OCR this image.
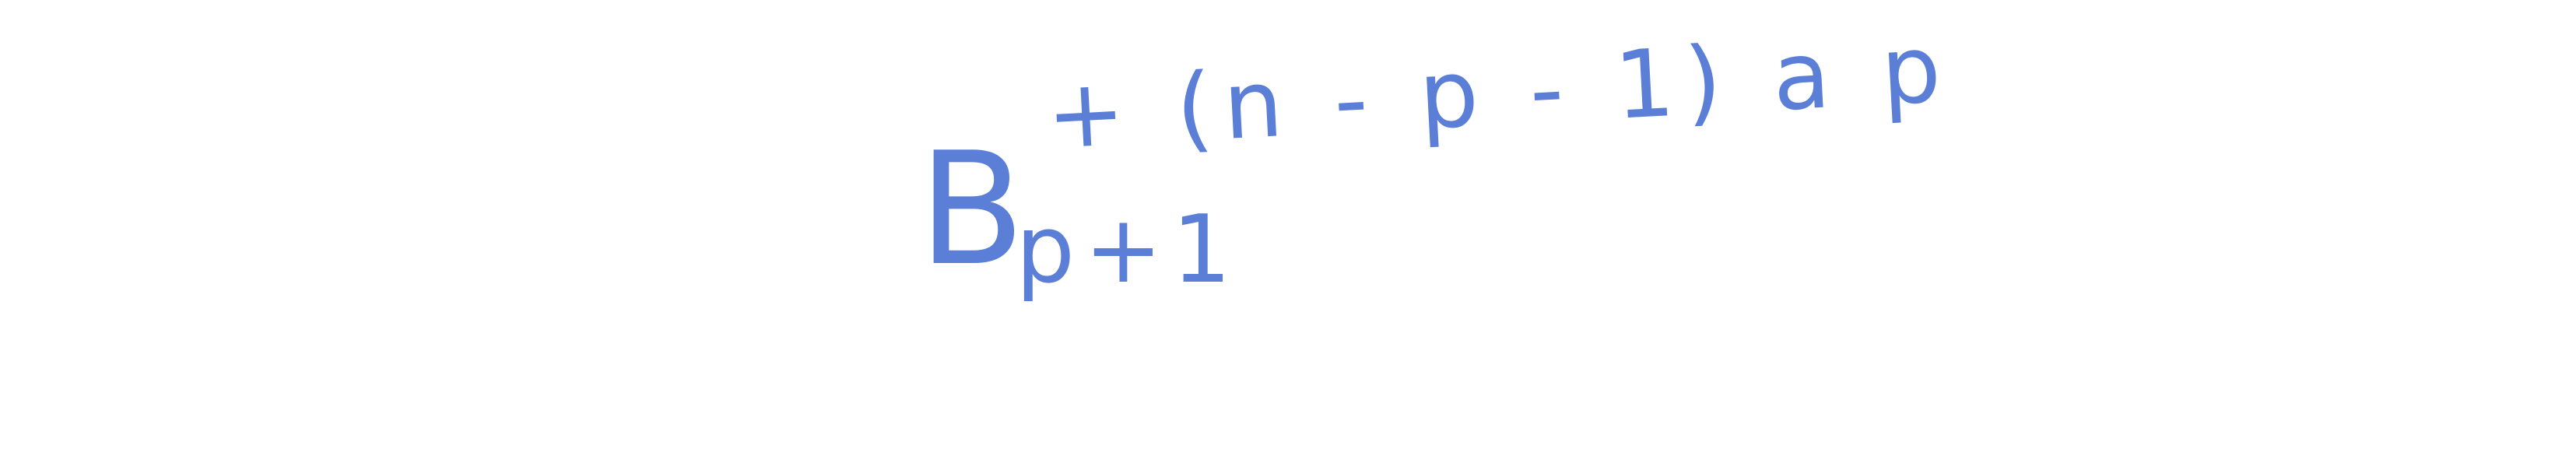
B
+ (n - p - 1) a p
p+1
